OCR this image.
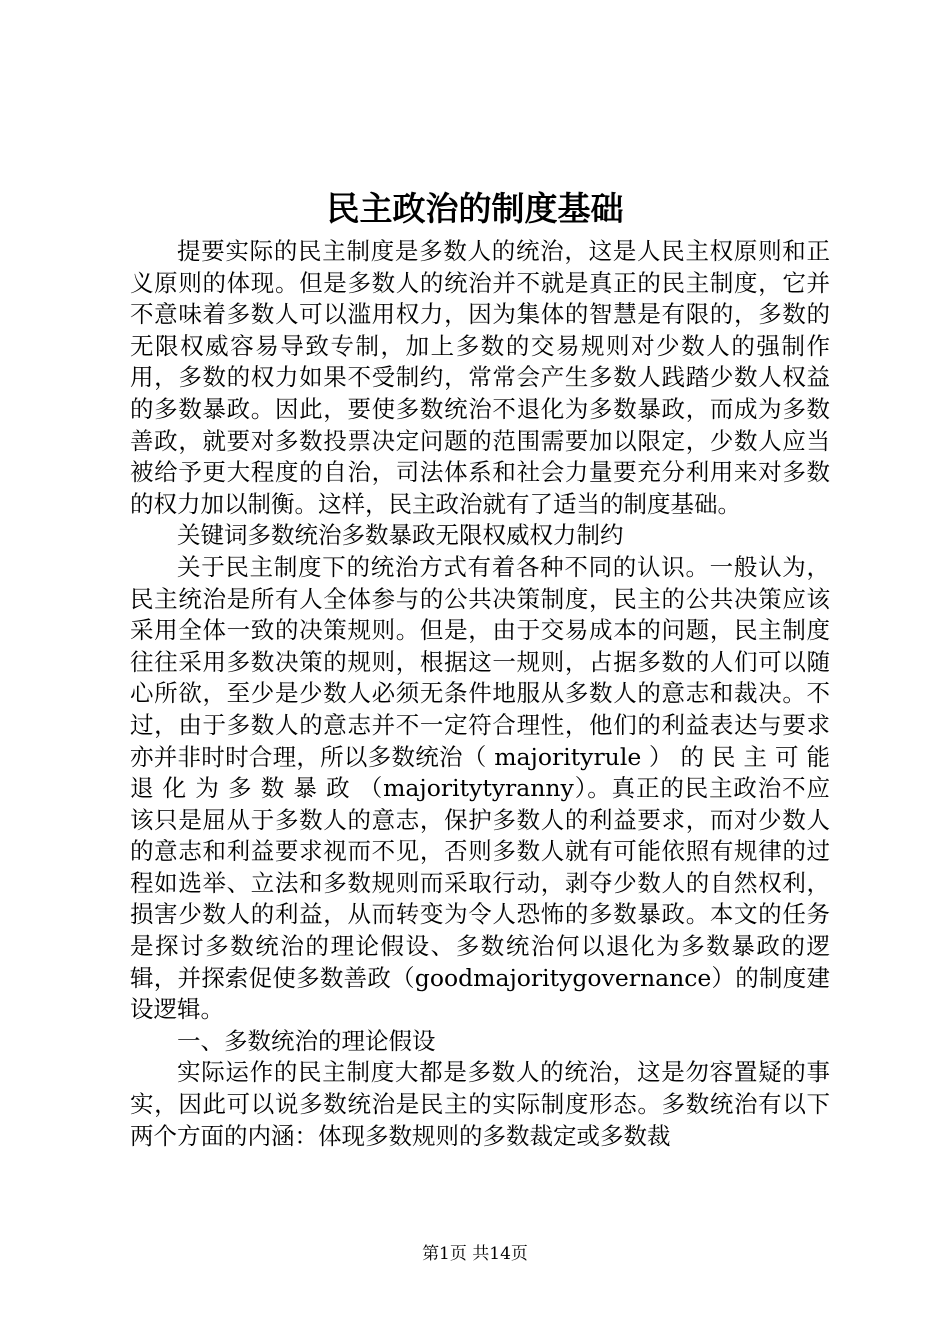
民主政治的制度基础

提要实际的民主制度是多数人的统治，这是人民主权原则和正义原则的体现。但是多数人的统治并不就是真正的民主制度，它并不意味着多数人可以滥用权力，因为集体的智慧是有限的，多数的无限权威容易导致专制，加上多数的交易规则对少数人的强制作用，多数的权力如果不受制约，常常会产生多数人践踏少数人权益的多数暴政。因此，要使多数统治不退化为多数暴政，而成为多数善政，就要对多数投票决定问题的范围需要加以限定，少数人应当被给予更大程度的自治，司法体系和社会力量要充分利用来对多数的权力加以制衡。这样，民主政治就有了适当的制度基础。

关键词多数统治多数暴政无限权威权力制约

关于民主制度下的统治方式有着各种不同的认识。一般认为，民主统治是所有人全体参与的公共决策制度，民主的公共决策应该采用全体一致的决策规则。但是，由于交易成本的问题，民主制度往往采用多数决策的规则，根据这一规则，占据多数的人们可以随心所欲，至少是少数人必须无条件地服从多数人的意志和裁决。不过，由于多数人的意志并不一定符合理性，他们的利益表达与要求亦并非时时合理，所以多数统治（ majorityrule ） 的 民 主 可 能 退 化 为 多 数 暴 政 （majoritytyranny）。真正的民主政治不应该只是屈从于多数人的意志，保护多数人的利益要求，而对少数人的意志和利益要求视而不见，否则多数人就有可能依照有规律的过程如选举、立法和多数规则而采取行动，剥夺少数人的自然权利，损害少数人的利益，从而转变为令人恐怖的多数暴政。本文的任务是探讨多数统治的理论假设、多数统治何以退化为多数暴政的逻辑，并探索促使多数善政（goodmajoritygovernance）的制度建设逻辑。

一、多数统治的理论假设

实际运作的民主制度大都是多数人的统治，这是勿容置疑的事实，因此可以说多数统治是民主的实际制度形态。多数统治有以下两个方面的内涵：体现多数规则的多数裁定或多数裁

第1页 共14页
